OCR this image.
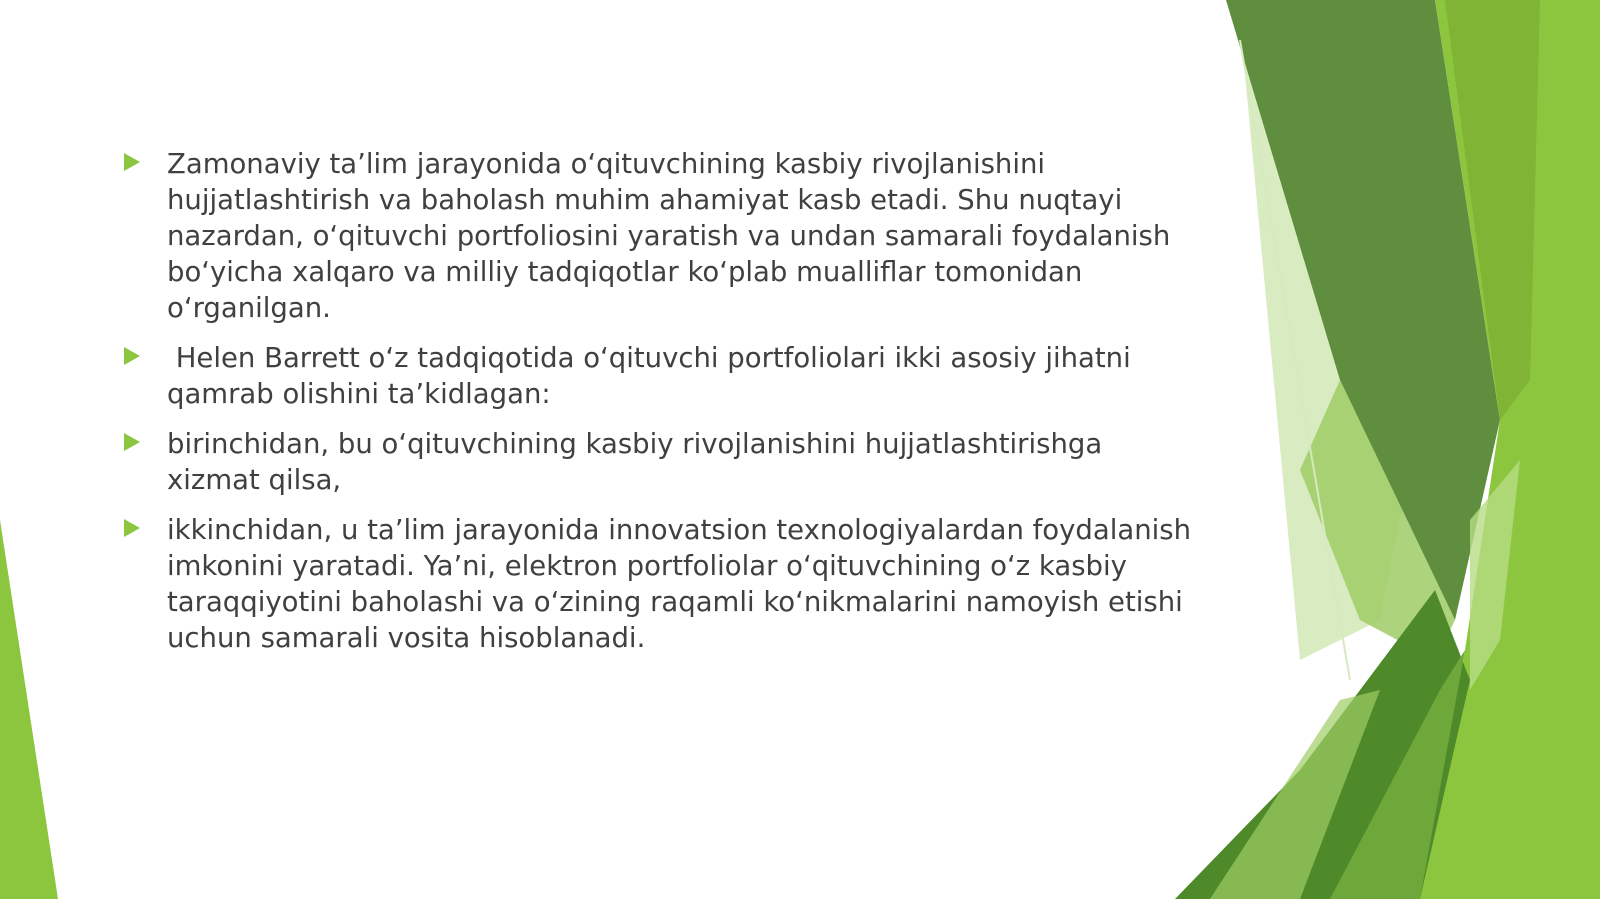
Zamonaviy ta’lim jarayonida o‘qituvchining kasbiy rivojlanishini hujjatlashtirish va baholash muhim ahamiyat kasb etadi. Shu nuqtayi nazardan, o‘qituvchi portfoliosini yaratish va undan samarali foydalanish bo‘yicha xalqaro va milliy tadqiqotlar ko‘plab mualliflar tomonidan o‘rganilgan.
Helen Barrett o‘z tadqiqotida o‘qituvchi portfoliolari ikki asosiy jihatni qamrab olishini ta’kidlagan:
birinchidan, bu o‘qituvchining kasbiy rivojlanishini hujjatlashtirishga xizmat qilsa,
ikkinchidan, u ta’lim jarayonida innovatsion texnologiyalardan foydalanish imkonini yaratadi. Ya’ni, elektron portfoliolar o‘qituvchining o‘z kasbiy taraqqiyotini baholashi va o‘zining raqamli ko‘nikmalarini namoyish etishi uchun samarali vosita hisoblanadi.
